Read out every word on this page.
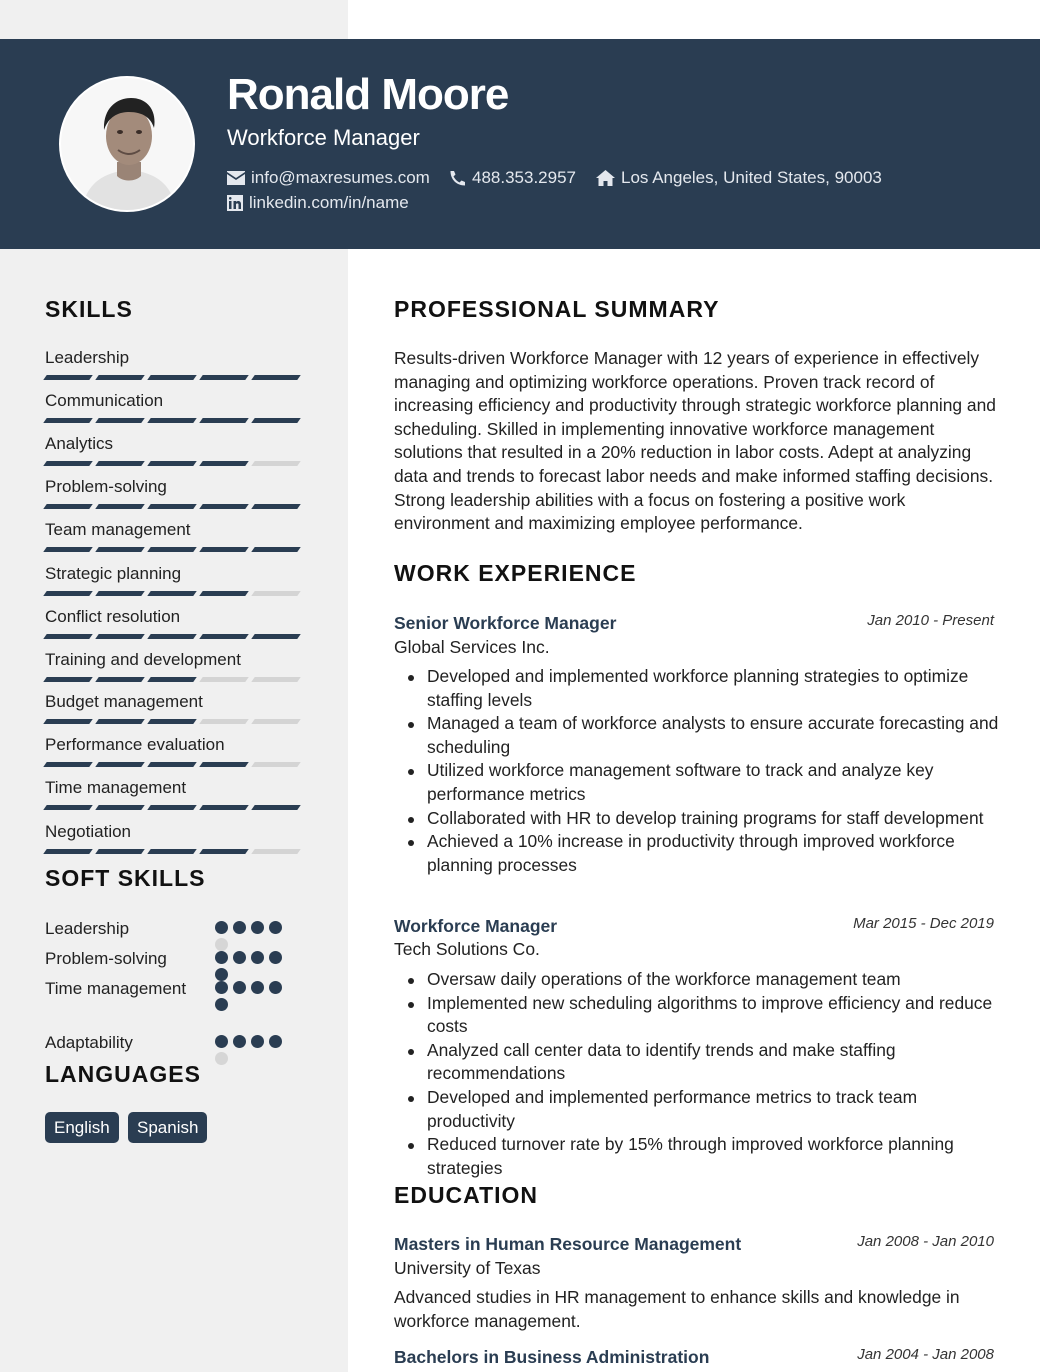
Ronald Moore
Workforce Manager
info@maxresumes.com 488.353.2957	Los Angeles, United States, 90003
linkedin.com/in/name
SKILLS
Leadership
Communication
Analytics
Problem-solving
Team management
Strategic planning
Conflict resolution
Training and development
Budget management
Performance evaluation
Time management
Negotiation
SOFT SKILLS
Leadership
Problem-solving
Time management
Adaptability
LANGUAGES
English	Spanish
PROFESSIONAL SUMMARY
Results-driven Workforce Manager with 12 years of experience in effectively managing and optimizing workforce operations. Proven track record of increasing efficiency and productivity through strategic workforce planning and scheduling. Skilled in implementing innovative workforce management solutions that resulted in a 20% reduction in labor costs. Adept at analyzing data and trends to forecast labor needs and make informed staffing decisions. Strong leadership abilities with a focus on fostering a positive work environment and maximizing employee performance.
WORK EXPERIENCE
Senior Workforce Manager	Jan 2010 - Present
Global Services Inc.
Developed and implemented workforce planning strategies to optimize staffing levels
Managed a team of workforce analysts to ensure accurate forecasting and scheduling
Utilized workforce management software to track and analyze key performance metrics
Collaborated with HR to develop training programs for staff development
Achieved a 10% increase in productivity through improved workforce planning processes
Workforce Manager	Mar 2015 - Dec 2019
Tech Solutions Co.
Oversaw daily operations of the workforce management team
Implemented new scheduling algorithms to improve efficiency and reduce costs
Analyzed call center data to identify trends and make staffing recommendations
Developed and implemented performance metrics to track team productivity
Reduced turnover rate by 15% through improved workforce planning strategies
EDUCATION
Masters in Human Resource Management	Jan 2008 - Jan 2010
University of Texas
Advanced studies in HR management to enhance skills and knowledge in workforce management.
Bachelors in Business Administration	Jan 2004 - Jan 2008
